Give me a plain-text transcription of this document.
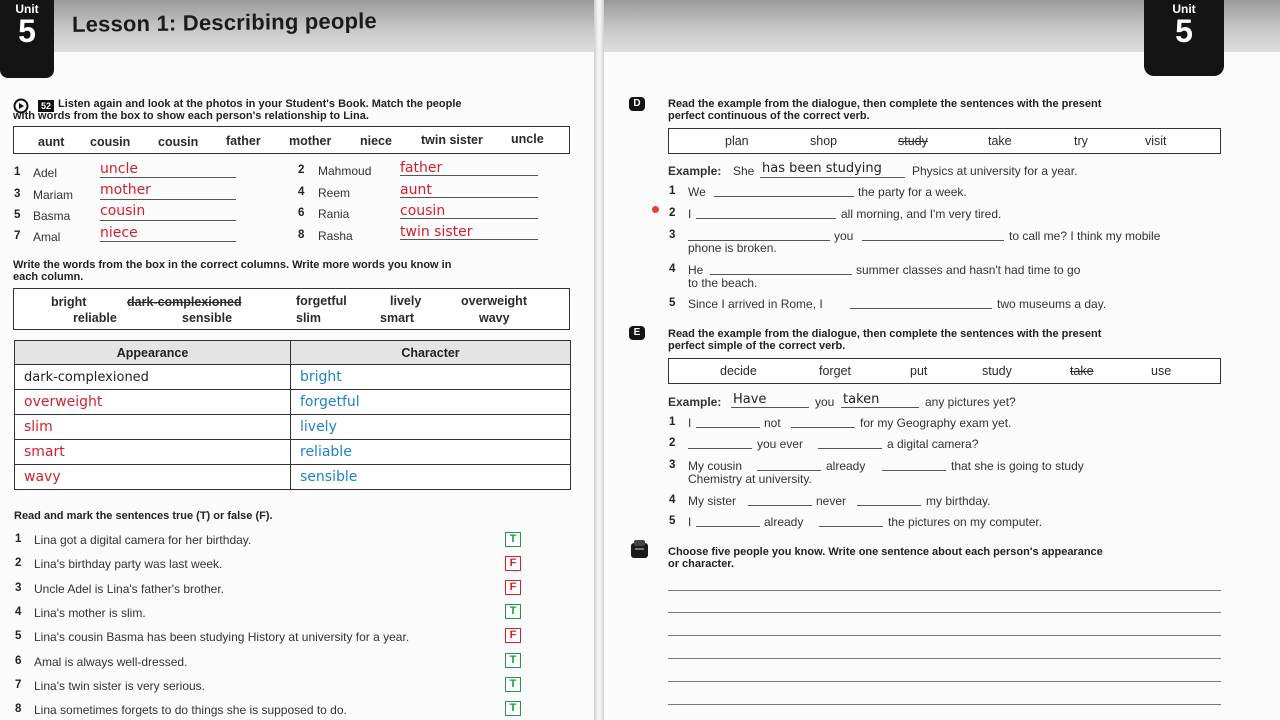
Unit
5	Lesson 1: Describing people
52 Listen again and look at the photos in your Student's Book. Match the people
with words from the box to show each person's relationship to Lina.
aunt cousin cousin father mother niece twin sister uncle
1 Adel	uncle	2 Mahmoud father
3 Mariam mother	4 Reem	aunt
5 Basma cousin	6 Rania	cousin
7 Amal	niece	8 Rasha	twin sister
Write the words from the box in the correct columns. Write more words you know in
each column.
bright	dark-complexioned	forgetful	lively	overweight
reliable	sensible	slim	smart	wavy
Appearance	Character
dark-complexioned	bright
overweight	forgetful
slim	lively
smart	reliable
wavy	sensible
Read and mark the sentences true (T) or false (F).
1 Lina got a digital camera for her birthday.	T
2 Lina's birthday party was last week.	F
3 Uncle Adel is Lina's father's brother.	F
4 Lina's mother is slim.	T
5 Lina's cousin Basma has been studying History at university for a year.	F
6 Amal is always well-dressed.	T
7 Lina's twin sister is very serious.	T
8 Lina sometimes forgets to do things she is supposed to do.	T
Unit
5
D	Read the example from the dialogue, then complete the sentences with the present
perfect continuous of the correct verb.
plan	shop	study	take	try	visit
Example: She has been studying	Physics at university for a year.
1 We	the party for a week.
2 I	all morning, and I'm very tired.
3	you	to call me? I think my mobile
phone is broken.
4 He	summer classes and hasn't had time to go
to the beach.
5 Since I arrived in Rome, I	two museums a day.
E	Read the example from the dialogue, then complete the sentences with the present
perfect simple of the correct verb.
decide	forget	put	study	take	use
Example: Have	you taken	any pictures yet?
1 I	not	for my Geography exam yet.
2	you ever	a digital camera?
3 My cousin	already	that she is going to study
Chemistry at university.
4 My sister	never	my birthday.
5 I	already	the pictures on my computer.
Choose five people you know. Write one sentence about each person's appearance
or character.
